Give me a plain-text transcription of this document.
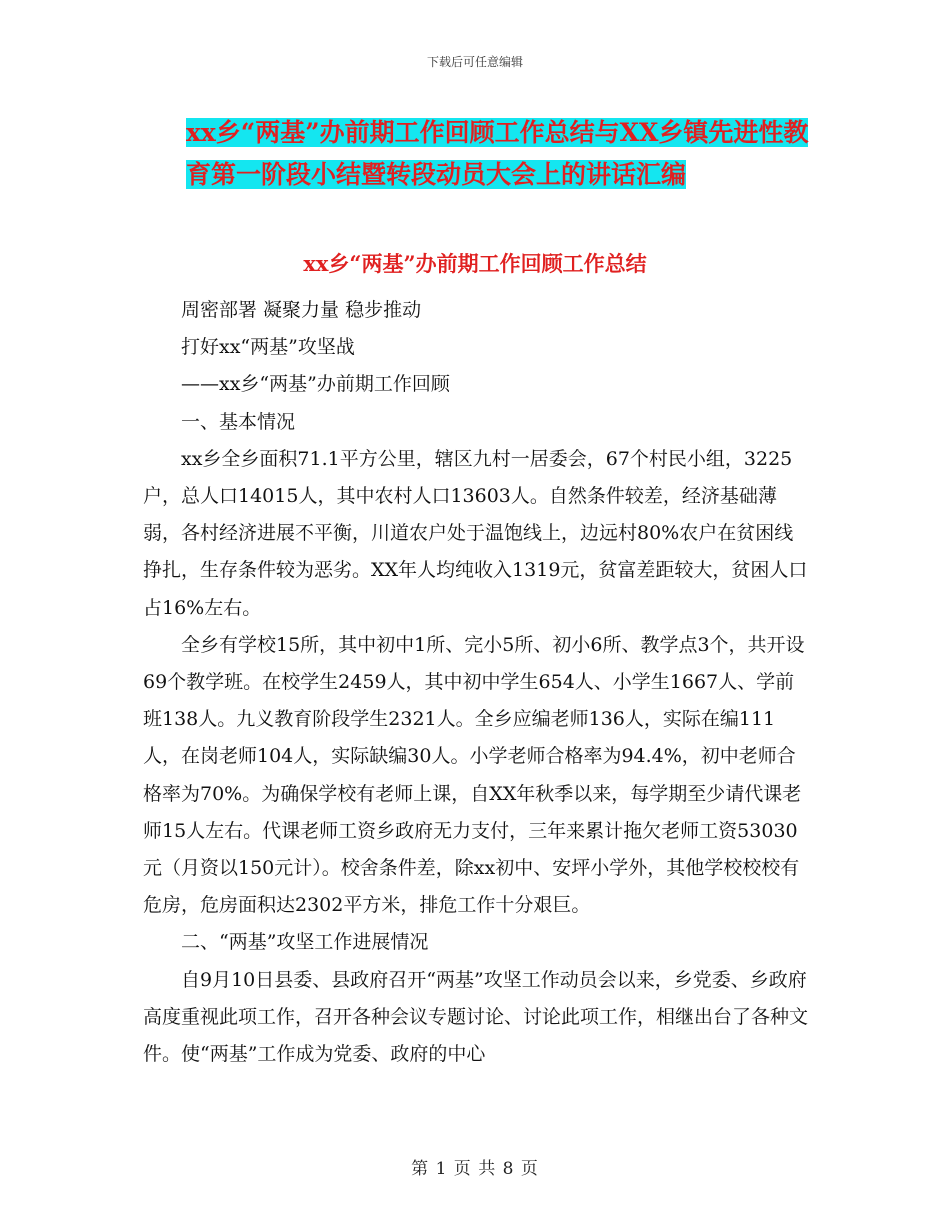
下载后可任意编辑
xx乡“两基”办前期工作回顾工作总结与XX乡镇先进性教育第一阶段小结暨转段动员大会上的讲话汇编
xx乡“两基”办前期工作回顾工作总结

周密部署 凝聚力量 稳步推动

打好xx“两基”攻坚战

——xx乡“两基”办前期工作回顾

一、基本情况

xx乡全乡面积71.1平方公里，辖区九村一居委会，67个村民小组，3225户，总人口14015人，其中农村人口13603人。自然条件较差，经济基础薄弱，各村经济进展不平衡，川道农户处于温饱线上，边远村80%农户在贫困线挣扎，生存条件较为恶劣。XX年人均纯收入1319元，贫富差距较大，贫困人口占16%左右。

全乡有学校15所，其中初中1所、完小5所、初小6所、教学点3个，共开设69个教学班。在校学生2459人，其中初中学生654人、小学生1667人、学前班138人。九义教育阶段学生2321人。全乡应编老师136人，实际在编111人，在岗老师104人，实际缺编30人。小学老师合格率为94.4%，初中老师合格率为70%。为确保学校有老师上课，自XX年秋季以来，每学期至少请代课老师15人左右。代课老师工资乡政府无力支付，三年来累计拖欠老师工资53030元（月资以150元计）。校舍条件差，除xx初中、安坪小学外，其他学校校校有危房，危房面积达2302平方米，排危工作十分艰巨。

二、“两基”攻坚工作进展情况

自9月10日县委、县政府召开“两基”攻坚工作动员会以来，乡党委、乡政府高度重视此项工作，召开各种会议专题讨论、讨论此项工作，相继出台了各种文件。使“两基”工作成为党委、政府的中心

第 1 页 共 8 页
